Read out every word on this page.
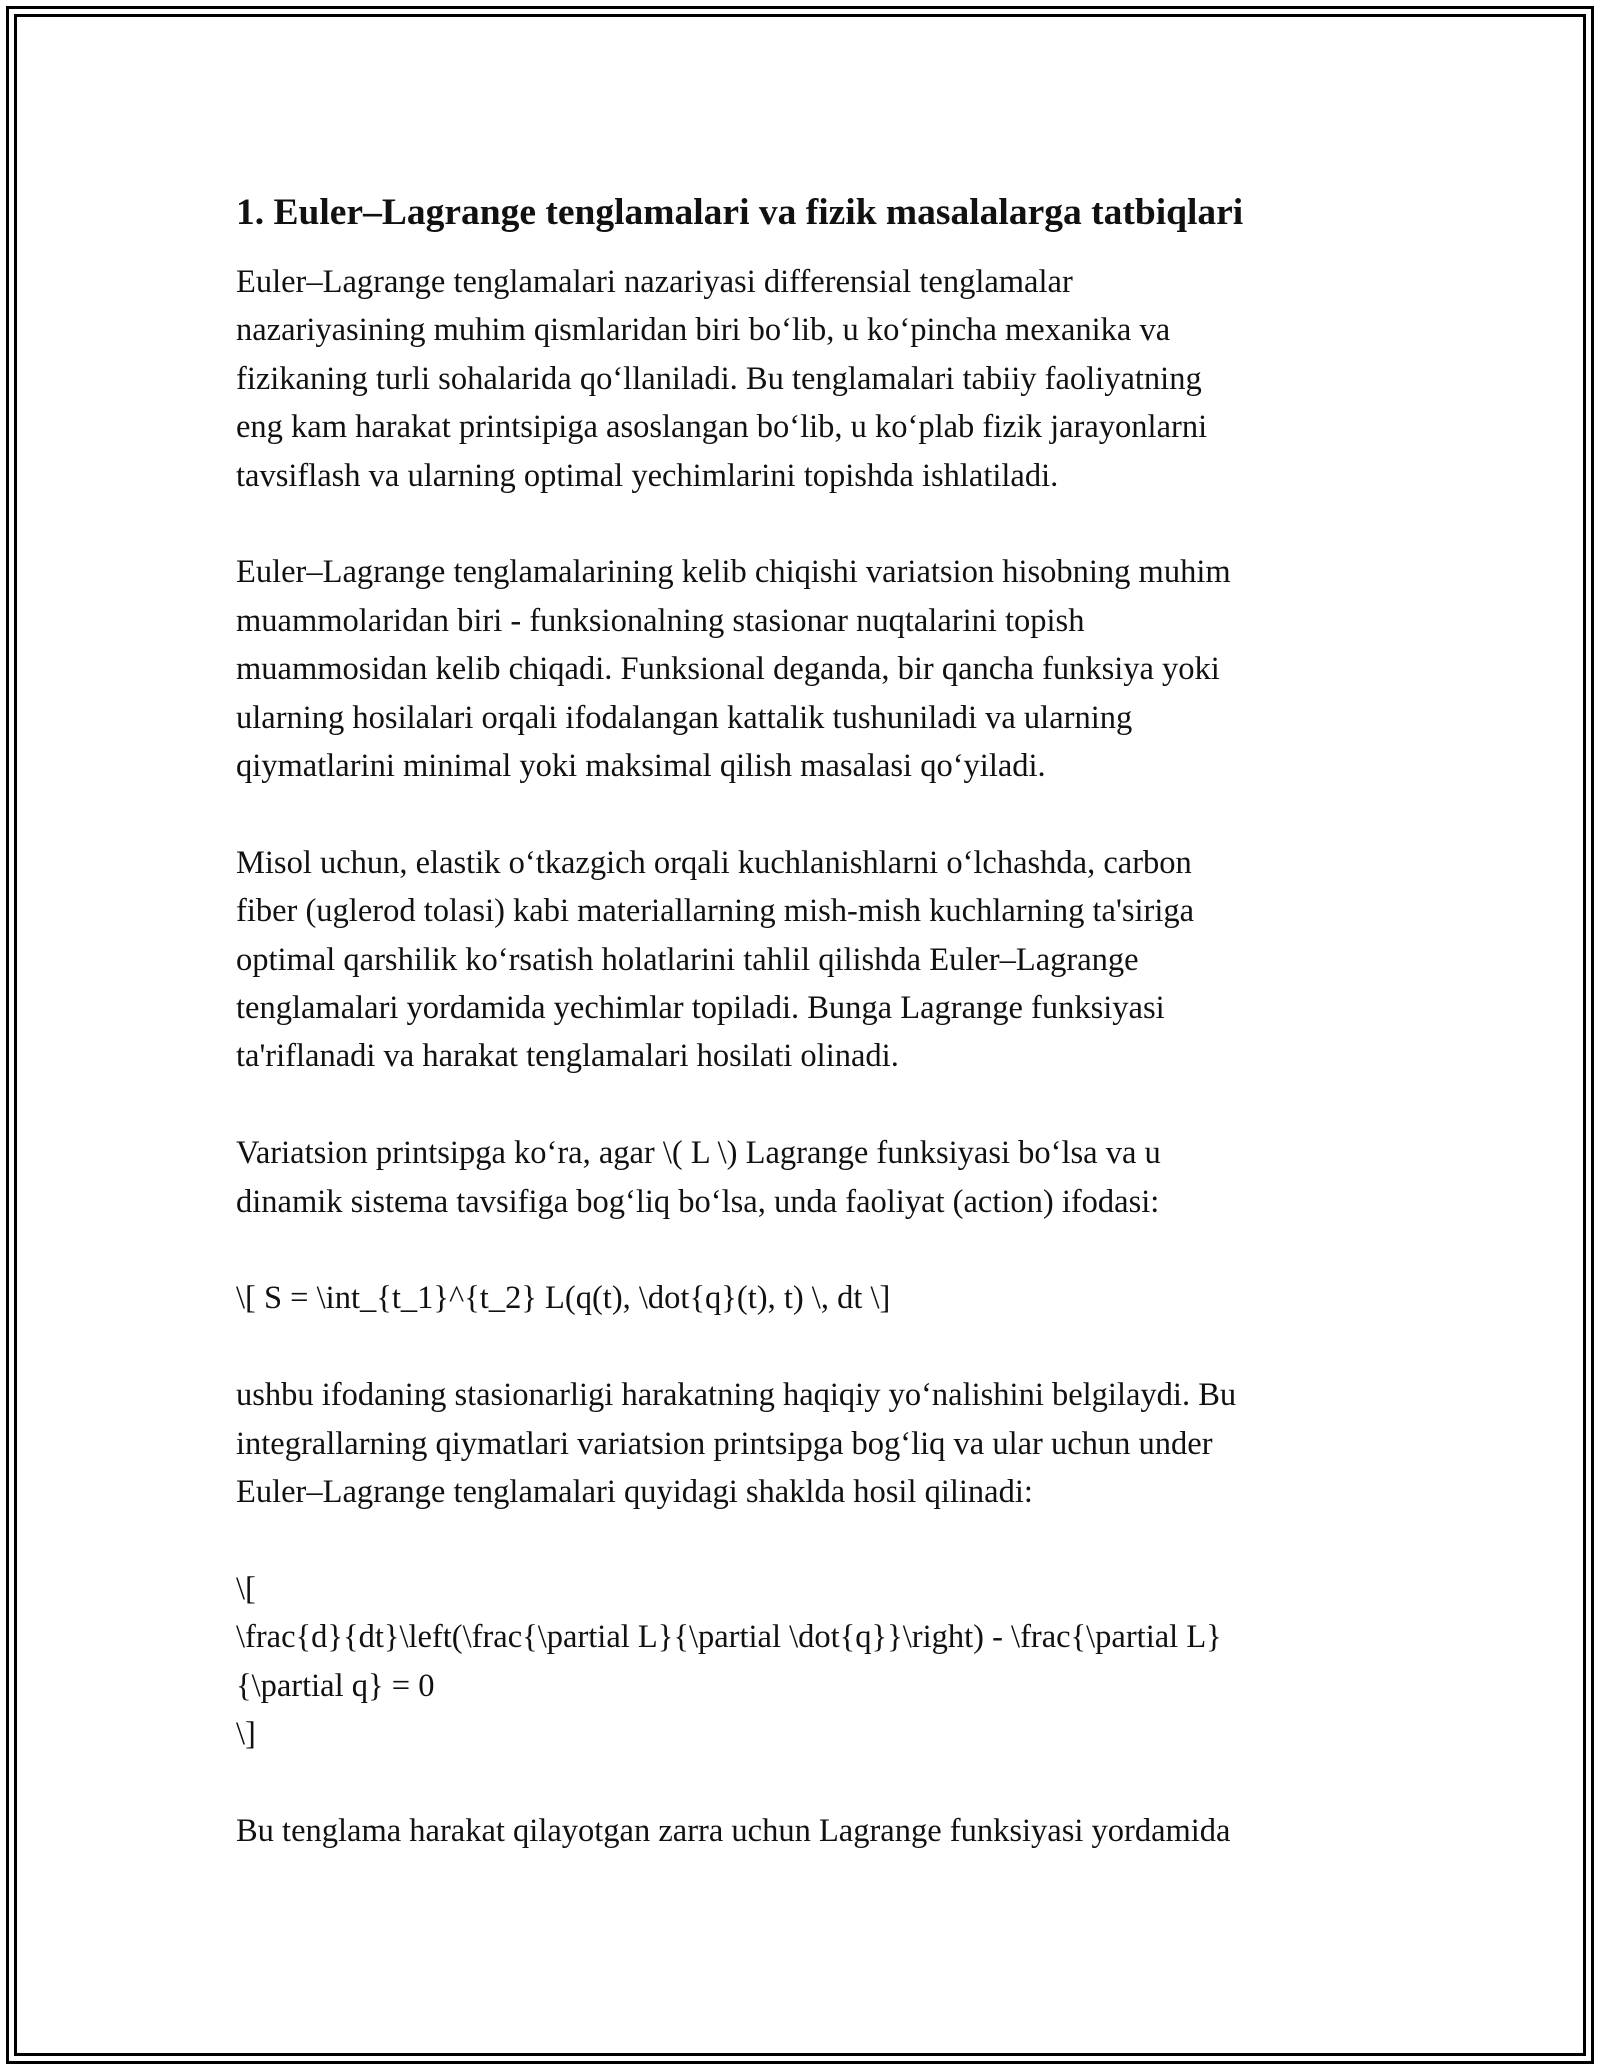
1. Euler–Lagrange tenglamalari va fizik masalalarga tatbiqlari

Euler–Lagrange tenglamalari nazariyasi differensial tenglamalar
nazariyasining muhim qismlaridan biri bo‘lib, u ko‘pincha mexanika va
fizikaning turli sohalarida qo‘llaniladi. Bu tenglamalari tabiiy faoliyatning
eng kam harakat printsipiga asoslangan bo‘lib, u ko‘plab fizik jarayonlarni
tavsiflash va ularning optimal yechimlarini topishda ishlatiladi.

Euler–Lagrange tenglamalarining kelib chiqishi variatsion hisobning muhim
muammolaridan biri - funksionalning stasionar nuqtalarini topish
muammosidan kelib chiqadi. Funksional deganda, bir qancha funksiya yoki
ularning hosilalari orqali ifodalangan kattalik tushuniladi va ularning
qiymatlarini minimal yoki maksimal qilish masalasi qo‘yiladi.

Misol uchun, elastik o‘tkazgich orqali kuchlanishlarni o‘lchashda, carbon
fiber (uglerod tolasi) kabi materiallarning mish-mish kuchlarning ta'siriga
optimal qarshilik ko‘rsatish holatlarini tahlil qilishda Euler–Lagrange
tenglamalari yordamida yechimlar topiladi. Bunga Lagrange funksiyasi
ta'riflanadi va harakat tenglamalari hosilati olinadi.

Variatsion printsipga ko‘ra, agar \( L \) Lagrange funksiyasi bo‘lsa va u
dinamik sistema tavsifiga bog‘liq bo‘lsa, unda faoliyat (action) ifodasi:

\[ S = \int_{t_1}^{t_2} L(q(t), \dot{q}(t), t) \, dt \]

ushbu ifodaning stasionarligi harakatning haqiqiy yo‘nalishini belgilaydi. Bu
integrallarning qiymatlari variatsion printsipga bog‘liq va ular uchun under
Euler–Lagrange tenglamalari quyidagi shaklda hosil qilinadi:

\[
\frac{d}{dt}\left(\frac{\partial L}{\partial \dot{q}}\right) - \frac{\partial L}
{\partial q} = 0
\]

Bu tenglama harakat qilayotgan zarra uchun Lagrange funksiyasi yordamida
